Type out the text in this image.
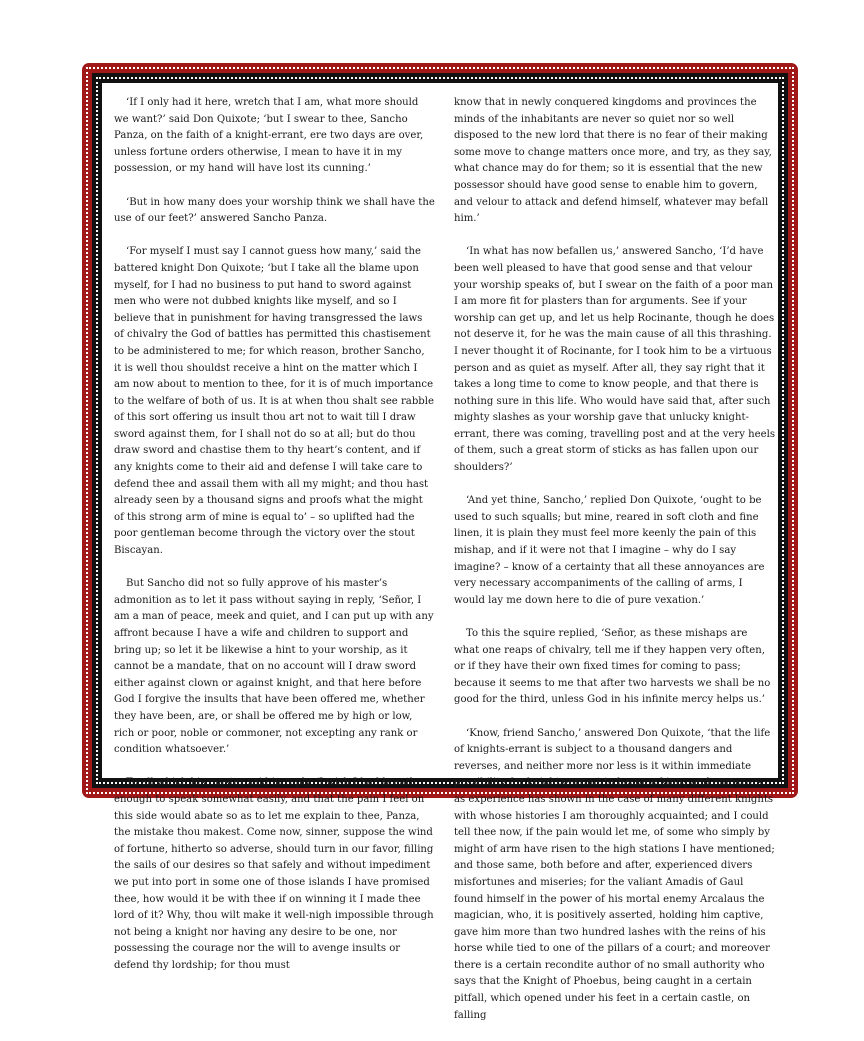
‘If I only had it here, wretch that I am, what more should we want?’ said Don Quixote; ‘but I swear to thee, Sancho Panza, on the faith of a knight-errant, ere two days are over, unless fortune orders otherwise, I mean to have it in my possession, or my hand will have lost its cunning.’

‘But in how many does your worship think we shall have the use of our feet?’ answered Sancho Panza.

‘For myself I must say I cannot guess how many,’ said the battered knight Don Quixote; ‘but I take all the blame upon myself, for I had no business to put hand to sword against men who were not dubbed knights like myself, and so I believe that in punishment for having transgressed the laws of chivalry the God of battles has permitted this chastisement to be administered to me; for which reason, brother Sancho, it is well thou shouldst receive a hint on the matter which I am now about to mention to thee, for it is of much importance to the welfare of both of us. It is at when thou shalt see rabble of this sort offering us insult thou art not to wait till I draw sword against them, for I shall not do so at all; but do thou draw sword and chastise them to thy heart’s content, and if any knights come to their aid and defense I will take care to defend thee and assail them with all my might; and thou hast already seen by a thousand signs and proofs what the might of this strong arm of mine is equal to’ – so uplifted had the poor gentleman become through the victory over the stout Biscayan.

But Sancho did not so fully approve of his master’s admonition as to let it pass without saying in reply, ‘Señor, I am a man of peace, meek and quiet, and I can put up with any affront because I have a wife and children to support and bring up; so let it be likewise a hint to your worship, as it cannot be a mandate, that on no account will I draw sword either against clown or against knight, and that here before God I forgive the insults that have been offered me, whether they have been, are, or shall be offered me by high or low, rich or poor, noble or commoner, not excepting any rank or condition whatsoever.’

To all which his master said in reply, ‘I wish I had breath enough to speak somewhat easily, and that the pain I feel on this side would abate so as to let me explain to thee, Panza, the mistake thou makest. Come now, sinner, suppose the wind of fortune, hitherto so adverse, should turn in our favor, filling the sails of our desires so that safely and without impediment we put into port in some one of those islands I have promised thee, how would it be with thee if on winning it I made thee lord of it? Why, thou wilt make it well-nigh impossible through not being a knight nor having any desire to be one, nor possessing the courage nor the will to avenge insults or defend thy lordship; for thou must

know that in newly conquered kingdoms and provinces the minds of the inhabitants are never so quiet nor so well disposed to the new lord that there is no fear of their making some move to change matters once more, and try, as they say, what chance may do for them; so it is essential that the new possessor should have good sense to enable him to govern, and velour to attack and defend himself, whatever may befall him.’

‘In what has now befallen us,’ answered Sancho, ‘I’d have been well pleased to have that good sense and that velour your worship speaks of, but I swear on the faith of a poor man I am more fit for plasters than for arguments. See if your worship can get up, and let us help Rocinante, though he does not deserve it, for he was the main cause of all this thrashing. I never thought it of Rocinante, for I took him to be a virtuous person and as quiet as myself. After all, they say right that it takes a long time to come to know people, and that there is nothing sure in this life. Who would have said that, after such mighty slashes as your worship gave that unlucky knight-errant, there was coming, travelling post and at the very heels of them, such a great storm of sticks as has fallen upon our shoulders?’

‘And yet thine, Sancho,’ replied Don Quixote, ‘ought to be used to such squalls; but mine, reared in soft cloth and fine linen, it is plain they must feel more keenly the pain of this mishap, and if it were not that I imagine – why do I say imagine? – know of a certainty that all these annoyances are very necessary accompaniments of the calling of arms, I would lay me down here to die of pure vexation.’

To this the squire replied, ‘Señor, as these mishaps are what one reaps of chivalry, tell me if they happen very often, or if they have their own fixed times for coming to pass; because it seems to me that after two harvests we shall be no good for the third, unless God in his infinite mercy helps us.’

‘Know, friend Sancho,’ answered Don Quixote, ‘that the life of knights-errant is subject to a thousand dangers and reverses, and neither more nor less is it within immediate possibility for knights-errant to become kings and emperors, as experience has shown in the case of many different knights with whose histories I am thoroughly acquainted; and I could tell thee now, if the pain would let me, of some who simply by might of arm have risen to the high stations I have mentioned; and those same, both before and after, experienced divers misfortunes and miseries; for the valiant Amadis of Gaul found himself in the power of his mortal enemy Arcalaus the magician, who, it is positively asserted, holding him captive, gave him more than two hundred lashes with the reins of his horse while tied to one of the pillars of a court; and moreover there is a certain recondite author of no small authority who says that the Knight of Phoebus, being caught in a certain pitfall, which opened under his feet in a certain castle, on falling
